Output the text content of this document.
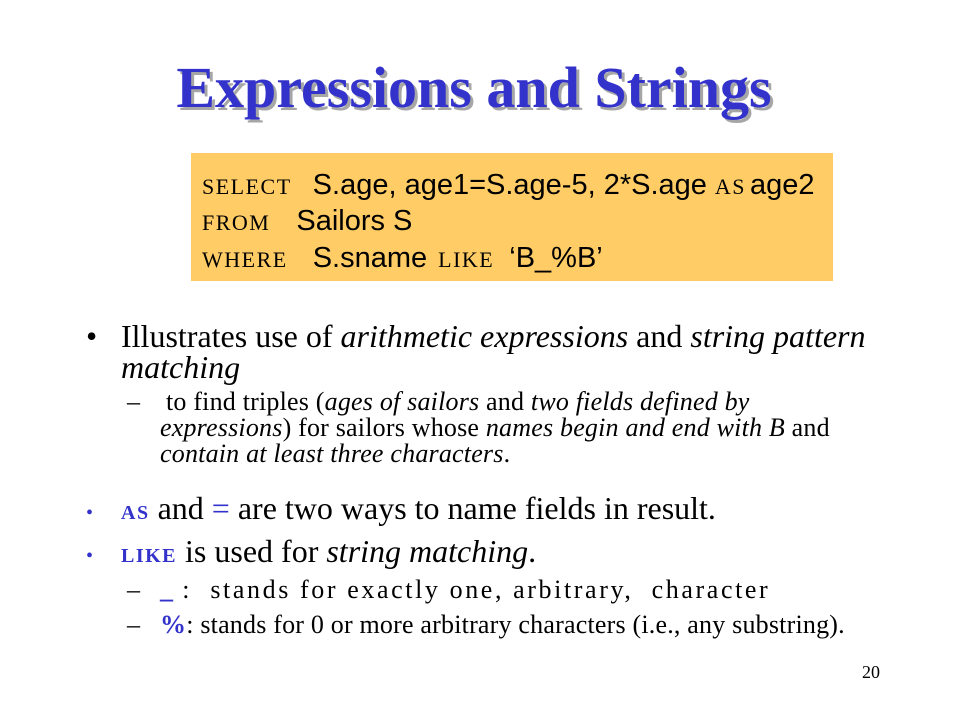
Expressions and Strings
SELECT S.age, age1=S.age-5, 2*S.age AS age2
FROM Sailors S
WHERE S.sname LIKE ‘B_%B’
• Illustrates use of arithmetic expressions and string pattern matching
–	to find triples (ages of sailors and two fields defined by expressions) for sailors whose names begin and end with B and contain at least three characters.
•	AS and = are two ways to name fields in result.
•	LIKE is used for string matching.
– _ :  stands for exactly one, arbitrary,  character
– %: stands for 0 or more arbitrary characters (i.e., any substring).
20
